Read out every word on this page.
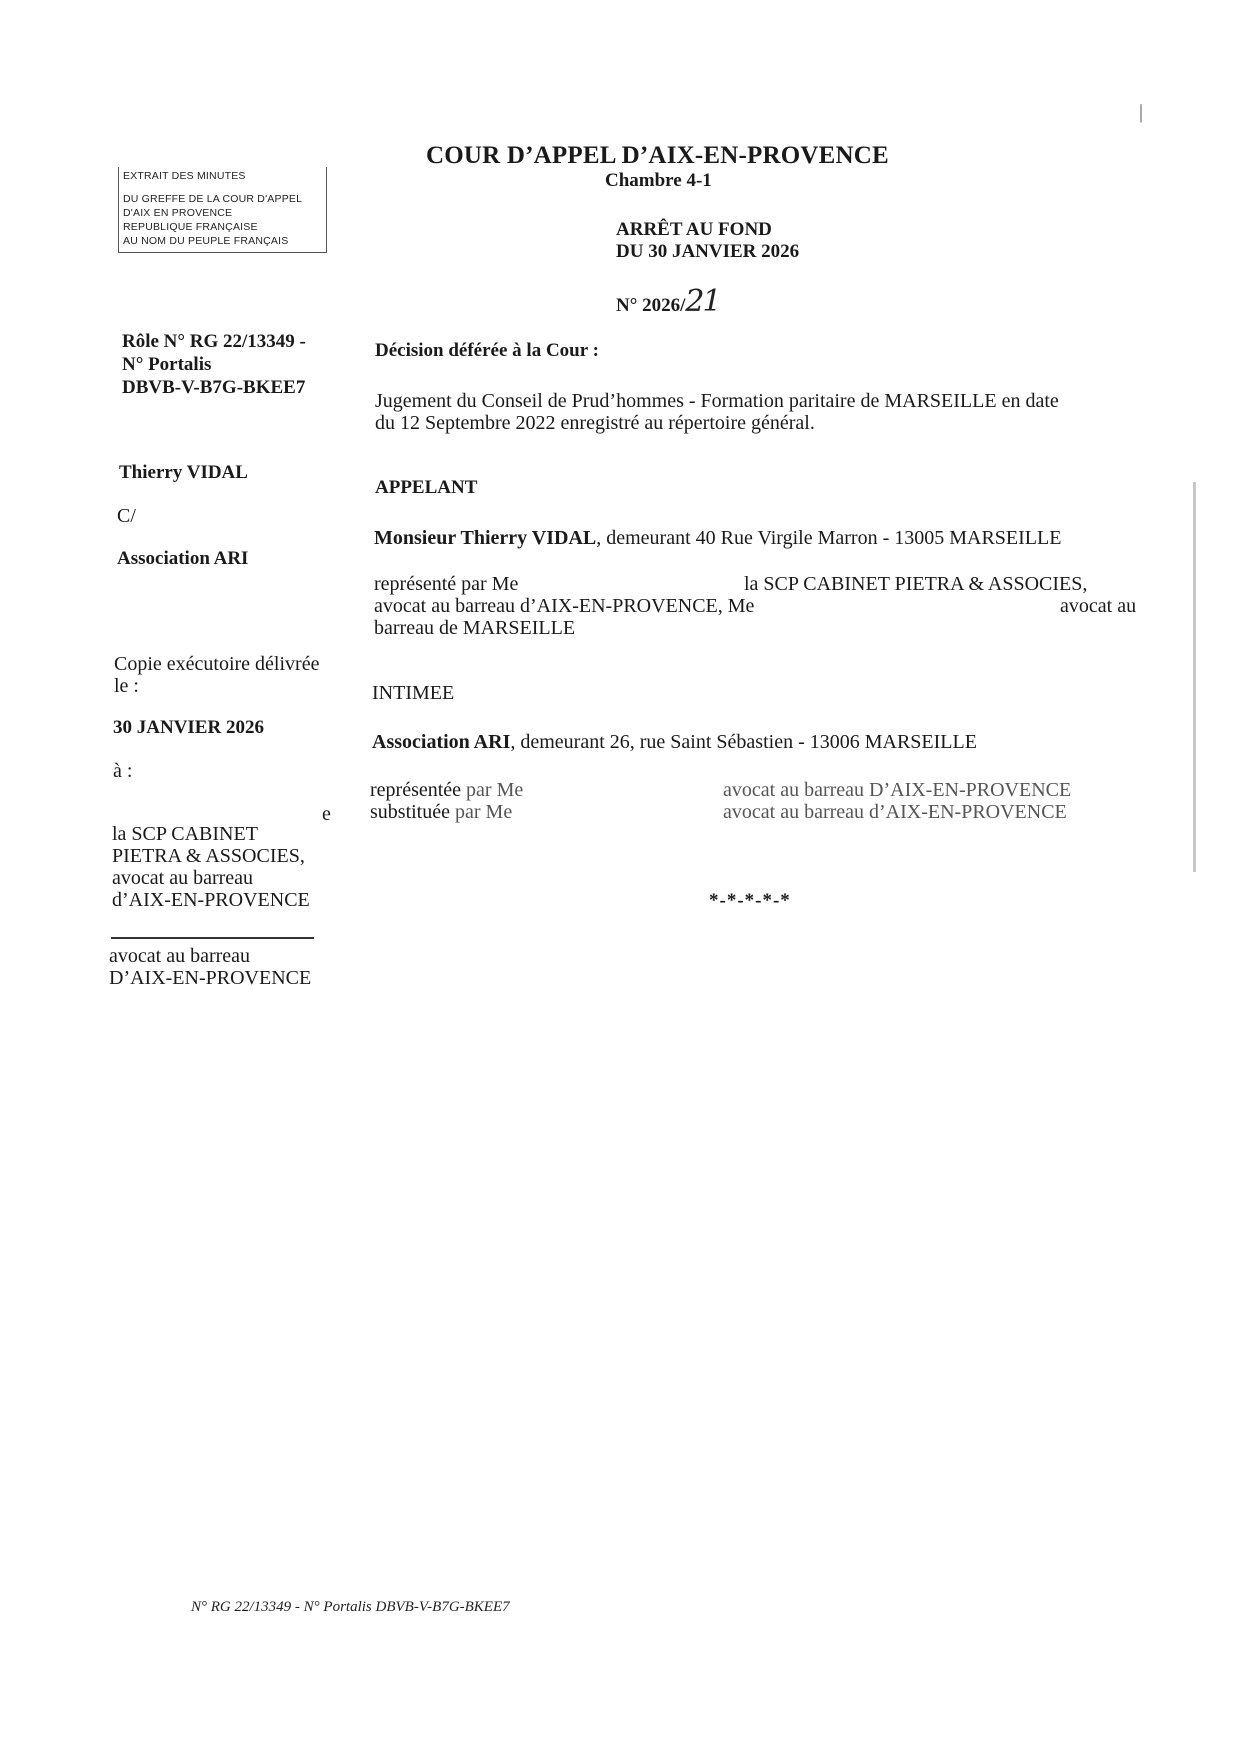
|
EXTRAIT DES MINUTES
DU GREFFE DE LA COUR D'APPEL
D'AIX EN PROVENCE
REPUBLIQUE FRANÇAISE
AU NOM DU PEUPLE FRANÇAIS
COUR D’APPEL D’AIX-EN-PROVENCE
Chambre 4-1
ARRÊT AU FOND
DU 30 JANVIER 2026
N° 2026/21
Rôle N° RG 22/13349 -
N° Portalis
DBVB-V-B7G-BKEE7
Thierry VIDAL
C/
Association ARI
Copie exécutoire délivrée
le :
30 JANVIER 2026
à :
e
la SCP CABINET
PIETRA & ASSOCIES,
avocat au barreau
d’AIX-EN-PROVENCE
avocat au barreau
D’AIX-EN-PROVENCE
Décision déférée à la Cour :
Jugement du Conseil de Prud’hommes - Formation paritaire de MARSEILLE en date
du 12 Septembre 2022 enregistré au répertoire général.
APPELANT
Monsieur Thierry VIDAL, demeurant 40 Rue Virgile Marron - 13005 MARSEILLE
représenté par Me	la SCP CABINET PIETRA & ASSOCIES,
avocat au barreau d’AIX-EN-PROVENCE, Me	avocat au
barreau de MARSEILLE
INTIMEE
Association ARI, demeurant 26, rue Saint Sébastien - 13006 MARSEILLE
représentée par Me	avocat au barreau D’AIX-EN-PROVENCE
substituée par Me	avocat au barreau d’AIX-EN-PROVENCE
*-*-*-*-*
N° RG 22/13349 - N° Portalis DBVB-V-B7G-BKEE7
